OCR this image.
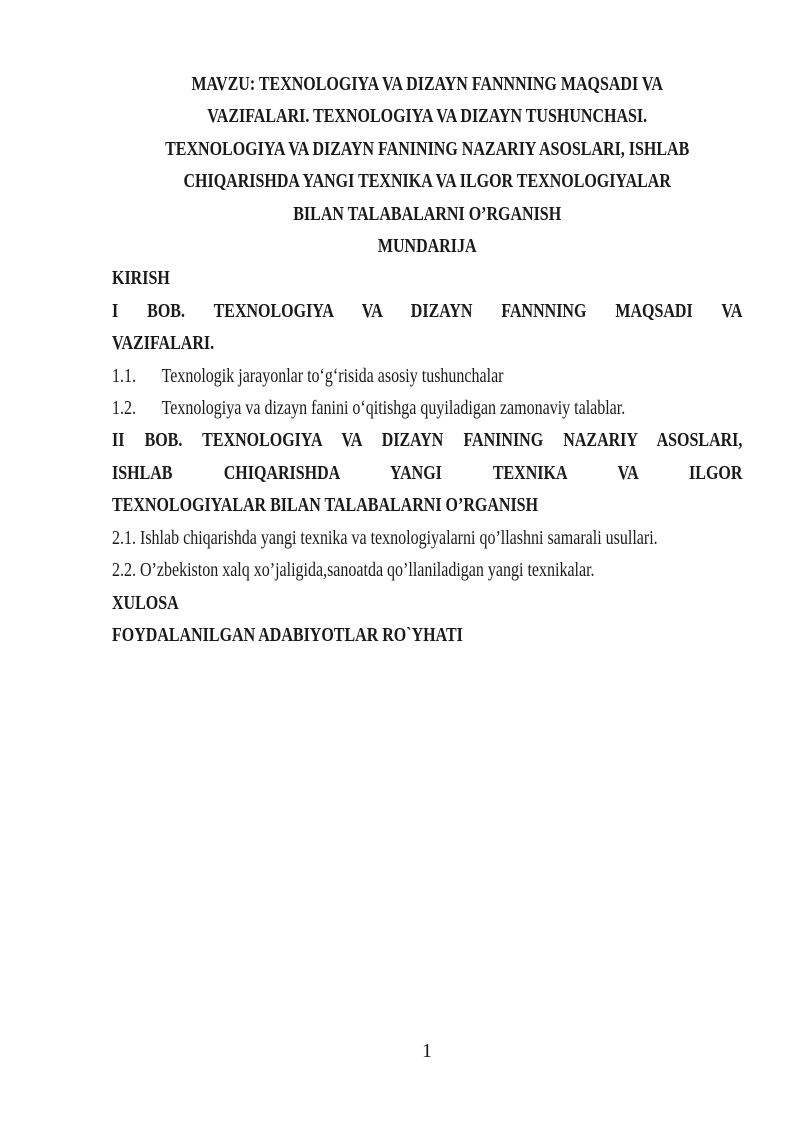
MAVZU: TEXNOLOGIYA VA DIZAYN FANNNING MAQSADI VA
VAZIFALARI. TEXNOLOGIYA VA DIZAYN TUSHUNCHASI.
TEXNOLOGIYA VA DIZAYN FANINING NAZARIY ASOSLARI, ISHLAB
CHIQARISHDA YANGI TEXNIKA VA ILGOR TEXNOLOGIYALAR
BILAN TALABALARNI O’RGANISH
MUNDARIJA
KIRISH
I BOB. TEXNOLOGIYA VA DIZAYN FANNNING MAQSADI VA
VAZIFALARI.
1.1. Texnologik jarayonlar to‘g‘risida asosiy tushunchalar
1.2. Texnologiya va dizayn fanini o‘qitishga quyiladigan zamonaviy talablar.
II BOB. TEXNOLOGIYA VA DIZAYN FANINING NAZARIY ASOSLARI,
ISHLAB CHIQARISHDA YANGI TEXNIKA VA ILGOR
TEXNOLOGIYALAR BILAN TALABALARNI O’RGANISH
2.1. Ishlab chiqarishda yangi texnika va texnologiyalarni qo’llashni samarali usullari.
2.2. O’zbekiston xalq xo’jaligida,sanoatda qo’llaniladigan yangi texnikalar.
XULOSA
FOYDALANILGAN ADABIYOTLAR RO`YHATI
1
